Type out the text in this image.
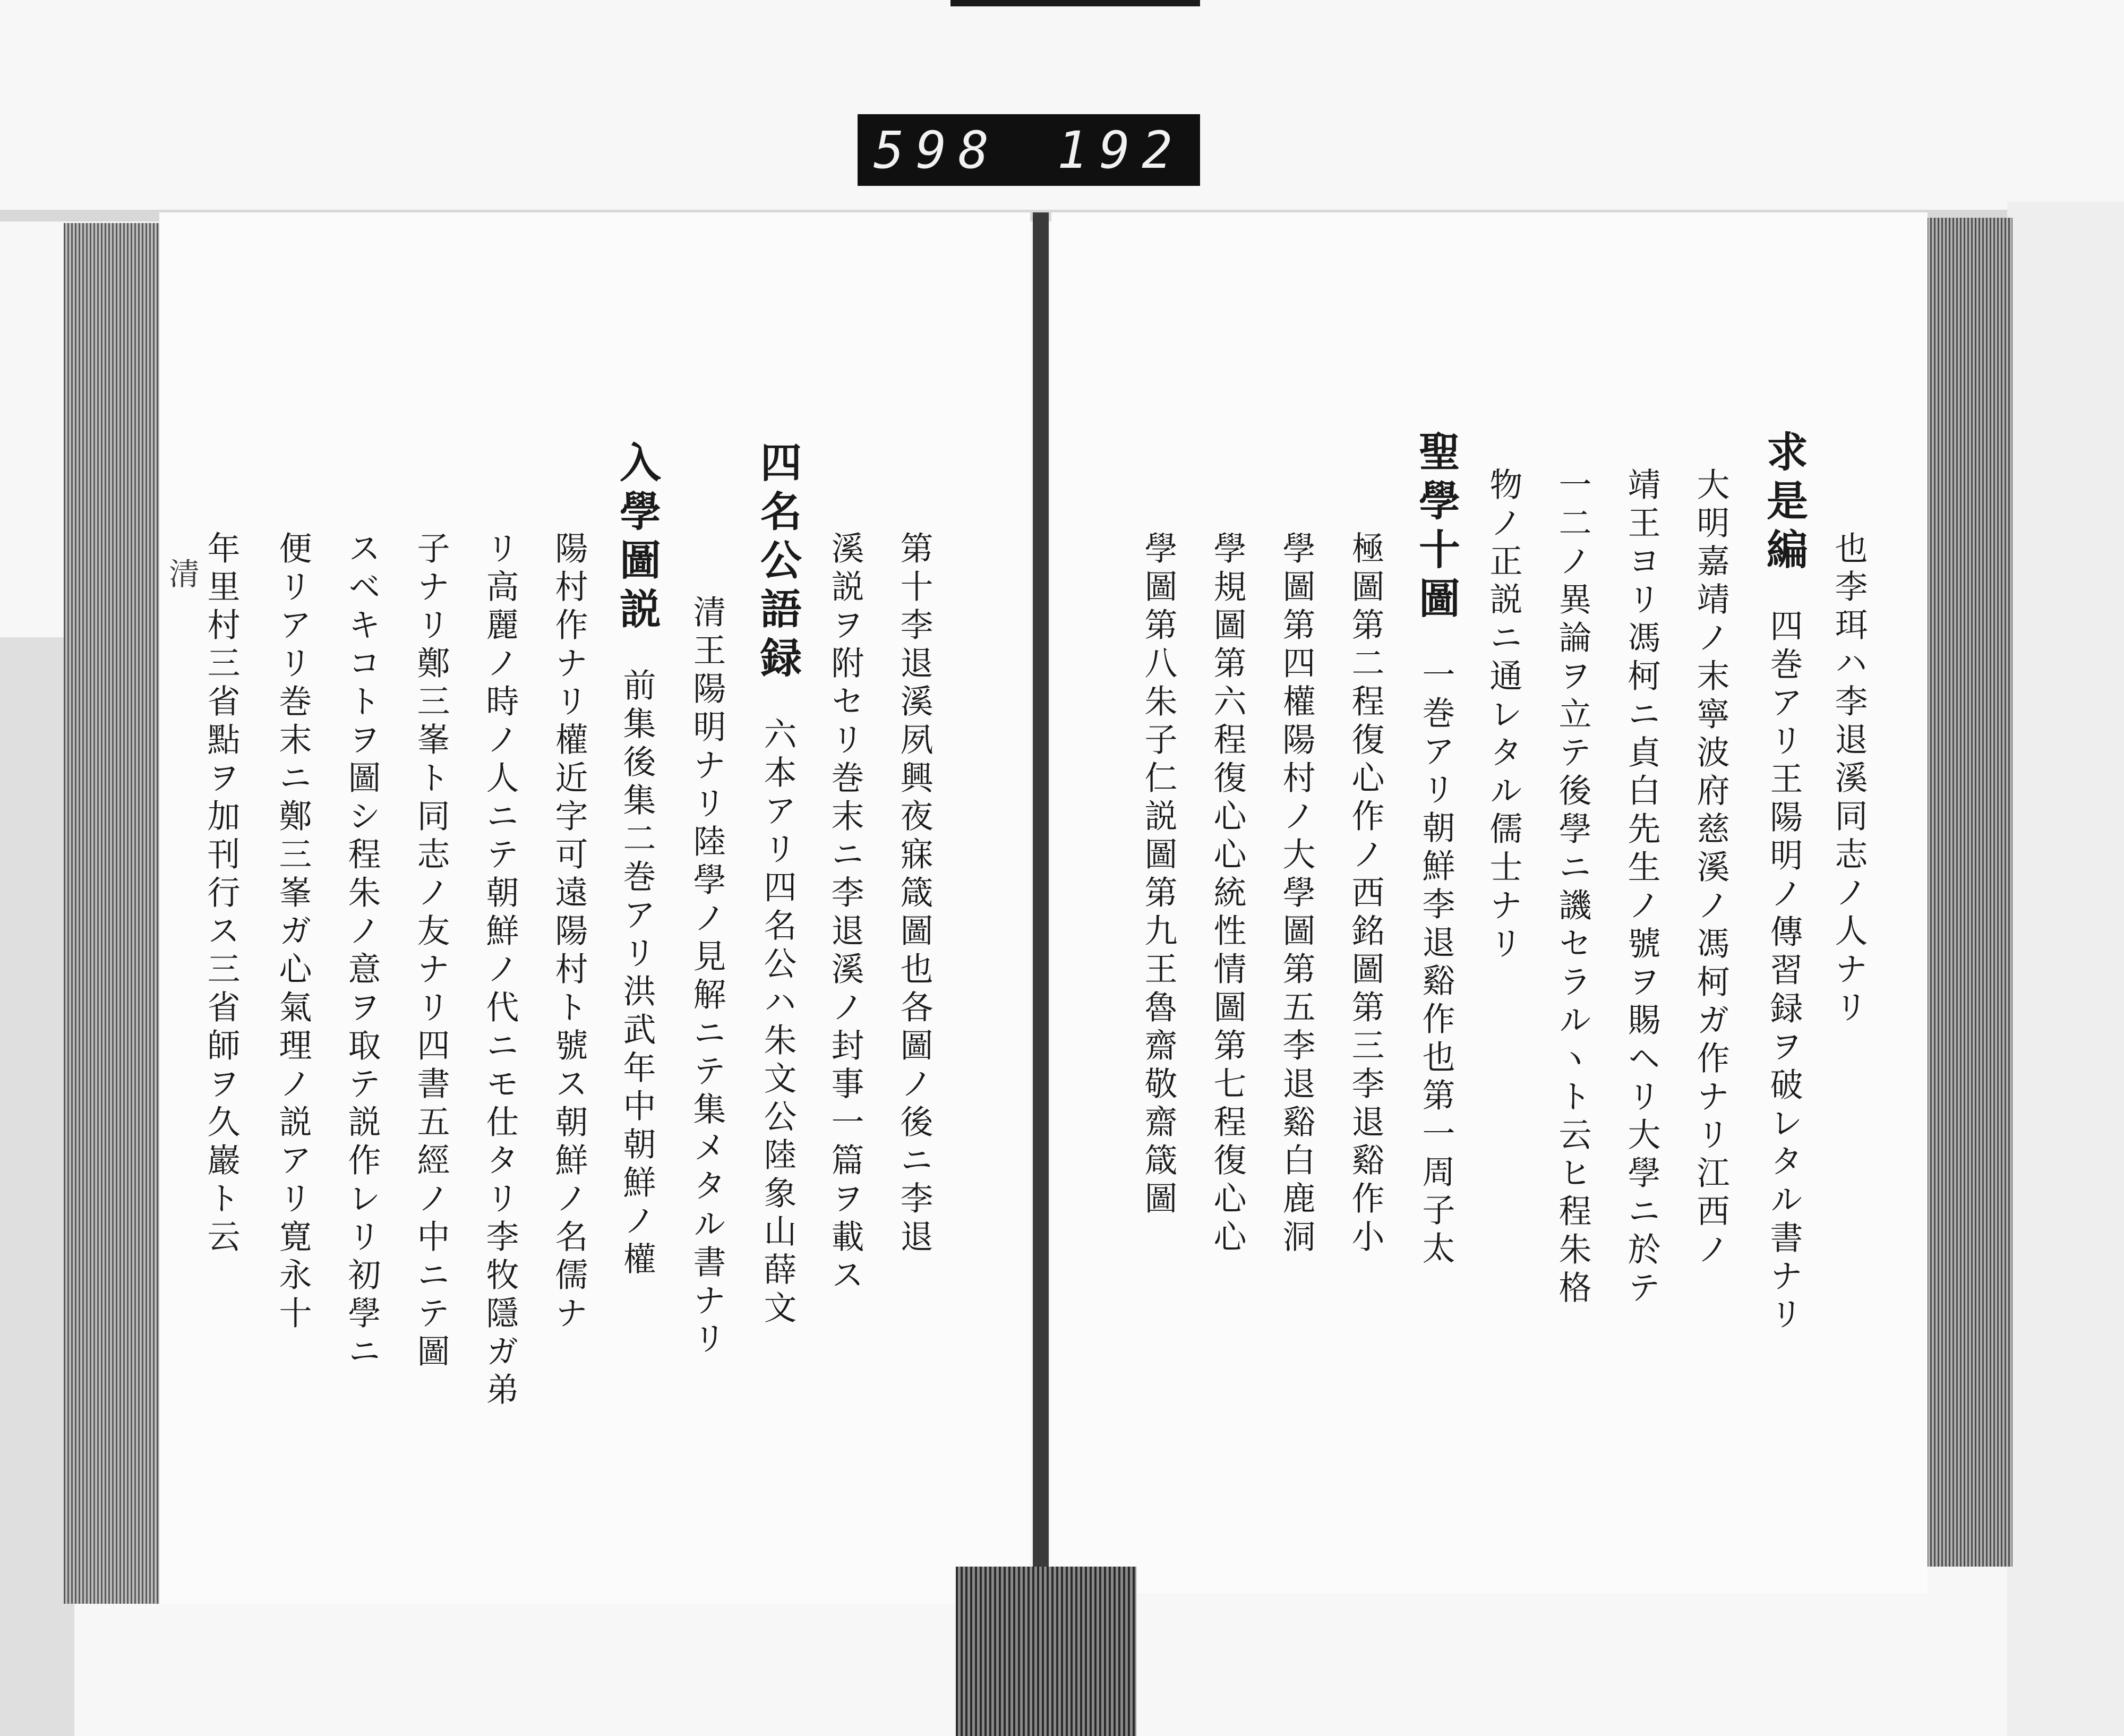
598 192
清	也李珥ハ李退溪同志ノ人ナリ
求是編四巻アリ王陽明ノ傳習録ヲ破レタル書ナリ
大明嘉靖ノ末寧波府慈溪ノ馮柯ガ作ナリ江西ノ
靖王ヨリ馮柯ニ貞白先生ノ號ヲ賜ヘリ大學ニ於テ
一二ノ異論ヲ立テ後學ニ譏セラルヽト云ヒ程朱格
物ノ正説ニ通レタル儒士ナリ
聖學十圖一巻アリ朝鮮李退谿作也第一周子太
極圖第二程復心作ノ西銘圖第三李退谿作小
學圖第四權陽村ノ大學圖第五李退谿白鹿洞
學規圖第六程復心心統性情圖第七程復心心
學圖第八朱子仁説圖第九王魯齋敬齋箴圖
第十李退溪夙興夜寐箴圖也各圖ノ後ニ李退
溪説ヲ附セリ巻末ニ李退溪ノ封事一篇ヲ載ス
四名公語録六本アリ四名公ハ朱文公陸象山薛文
清王陽明ナリ陸學ノ見解ニテ集メタル書ナリ
入學圖説前集後集二巻アリ洪武年中朝鮮ノ權
陽村作ナリ權近字可遠陽村ト號ス朝鮮ノ名儒ナ
リ高麗ノ時ノ人ニテ朝鮮ノ代ニモ仕タリ李牧隱ガ弟
子ナリ鄭三峯ト同志ノ友ナリ四書五經ノ中ニテ圖
スベキコトヲ圖シ程朱ノ意ヲ取テ説作レリ初學ニ
便リアリ巻末ニ鄭三峯ガ心氣理ノ説アリ寛永十
年里村三省點ヲ加刊行ス三省師ヲ久巖ト云
